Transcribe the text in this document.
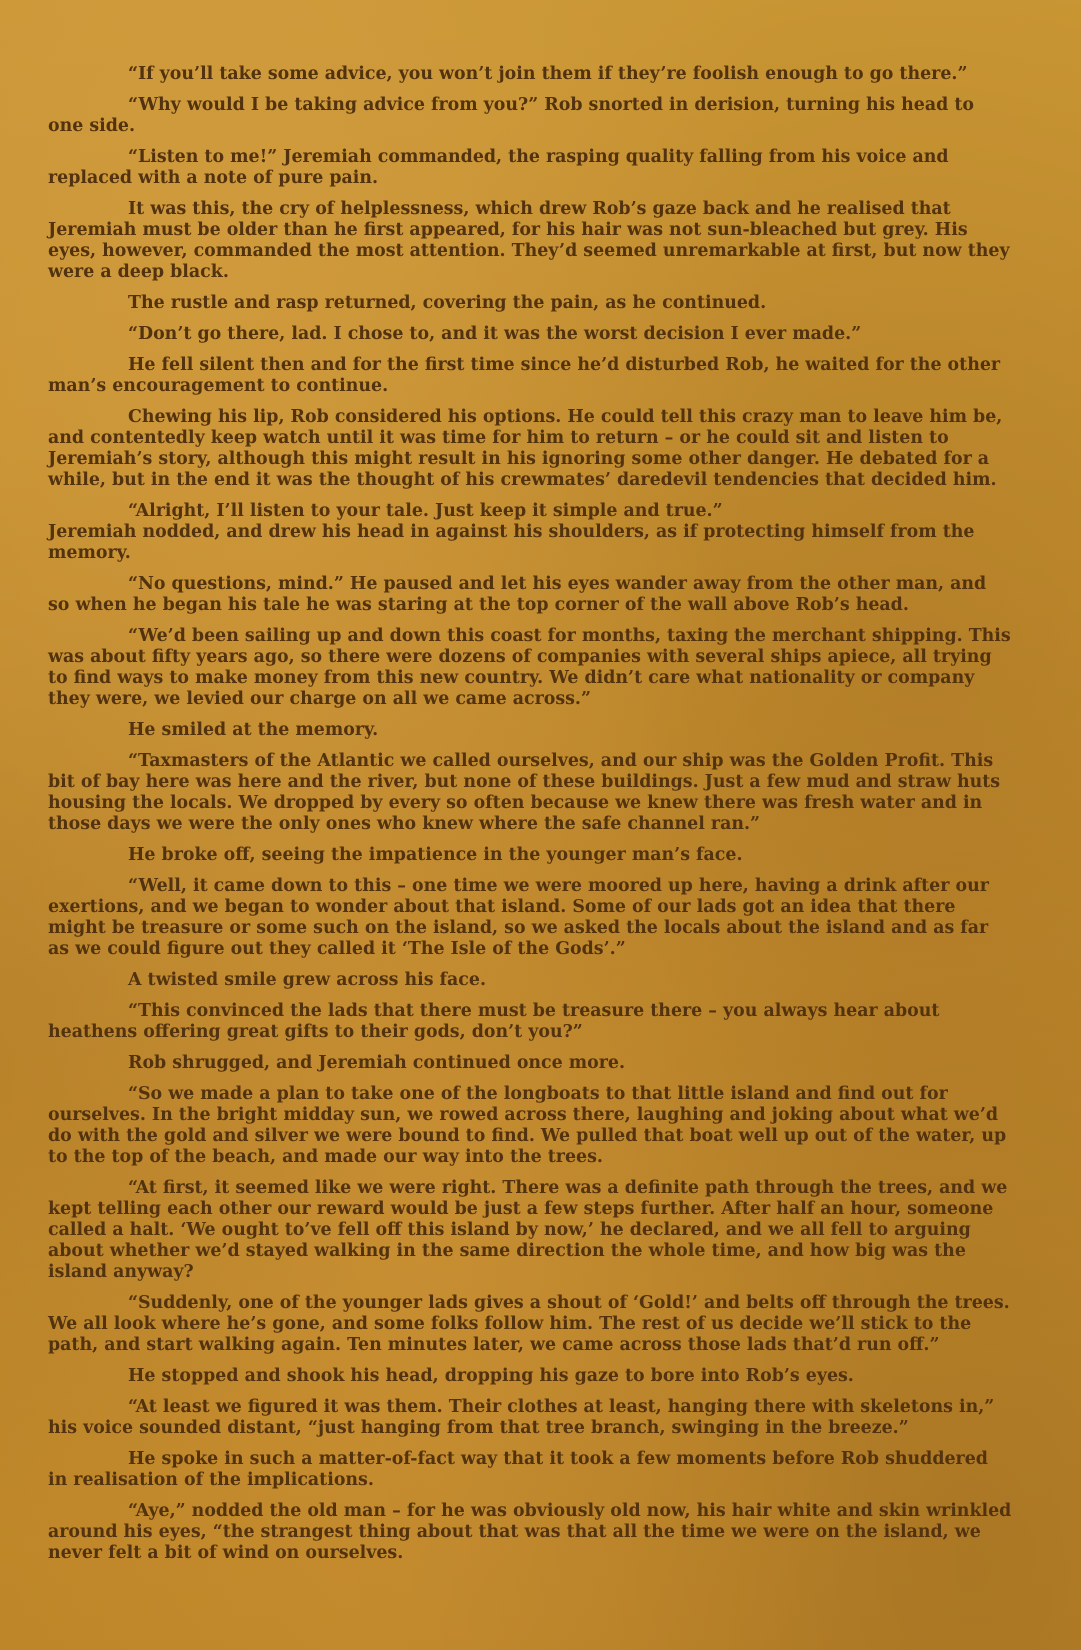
“If you’ll take some advice, you won’t join them if they’re foolish enough to go there.”

“Why would I be taking advice from you?” Rob snorted in derision, turning his head to one side.

“Listen to me!” Jeremiah commanded, the rasping quality falling from his voice and replaced with a note of pure pain.

It was this, the cry of helplessness, which drew Rob’s gaze back and he realised that Jeremiah must be older than he first appeared, for his hair was not sun-bleached but grey. His eyes, however, commanded the most attention. They’d seemed unremarkable at first, but now they were a deep black.

The rustle and rasp returned, covering the pain, as he continued.

“Don’t go there, lad. I chose to, and it was the worst decision I ever made.”

He fell silent then and for the first time since he’d disturbed Rob, he waited for the other man’s encouragement to continue.

Chewing his lip, Rob considered his options. He could tell this crazy man to leave him be, and contentedly keep watch until it was time for him to return – or he could sit and listen to Jeremiah’s story, although this might result in his ignoring some other danger. He debated for a while, but in the end it was the thought of his crewmates’ daredevil tendencies that decided him.

“Alright, I’ll listen to your tale. Just keep it simple and true.”

Jeremiah nodded, and drew his head in against his shoulders, as if protecting himself from the memory.

“No questions, mind.” He paused and let his eyes wander away from the other man, and so when he began his tale he was staring at the top corner of the wall above Rob’s head.

“We’d been sailing up and down this coast for months, taxing the merchant shipping. This was about fifty years ago, so there were dozens of companies with several ships apiece, all trying to find ways to make money from this new country. We didn’t care what nationality or company they were, we levied our charge on all we came across.”

He smiled at the memory.

“Taxmasters of the Atlantic we called ourselves, and our ship was the Golden Profit. This bit of bay here was here and the river, but none of these buildings. Just a few mud and straw huts housing the locals. We dropped by every so often because we knew there was fresh water and in those days we were the only ones who knew where the safe channel ran.”

He broke off, seeing the impatience in the younger man’s face.

“Well, it came down to this – one time we were moored up here, having a drink after our exertions, and we began to wonder about that island. Some of our lads got an idea that there might be treasure or some such on the island, so we asked the locals about the island and as far as we could figure out they called it ‘The Isle of the Gods’.”

A twisted smile grew across his face.

“This convinced the lads that there must be treasure there – you always hear about heathens offering great gifts to their gods, don’t you?”

Rob shrugged, and Jeremiah continued once more.

“So we made a plan to take one of the longboats to that little island and find out for ourselves. In the bright midday sun, we rowed across there, laughing and joking about what we’d do with the gold and silver we were bound to find. We pulled that boat well up out of the water, up to the top of the beach, and made our way into the trees.

“At first, it seemed like we were right. There was a definite path through the trees, and we kept telling each other our reward would be just a few steps further. After half an hour, someone called a halt. ‘We ought to’ve fell off this island by now,’ he declared, and we all fell to arguing about whether we’d stayed walking in the same direction the whole time, and how big was the island anyway?

“Suddenly, one of the younger lads gives a shout of ‘Gold!’ and belts off through the trees. We all look where he’s gone, and some folks follow him. The rest of us decide we’ll stick to the path, and start walking again. Ten minutes later, we came across those lads that’d run off.”

He stopped and shook his head, dropping his gaze to bore into Rob’s eyes.

“At least we figured it was them. Their clothes at least, hanging there with skeletons in,” his voice sounded distant, “just hanging from that tree branch, swinging in the breeze.”

He spoke in such a matter-of-fact way that it took a few moments before Rob shuddered in realisation of the implications.

“Aye,” nodded the old man – for he was obviously old now, his hair white and skin wrinkled around his eyes, “the strangest thing about that was that all the time we were on the island, we never felt a bit of wind on ourselves.
